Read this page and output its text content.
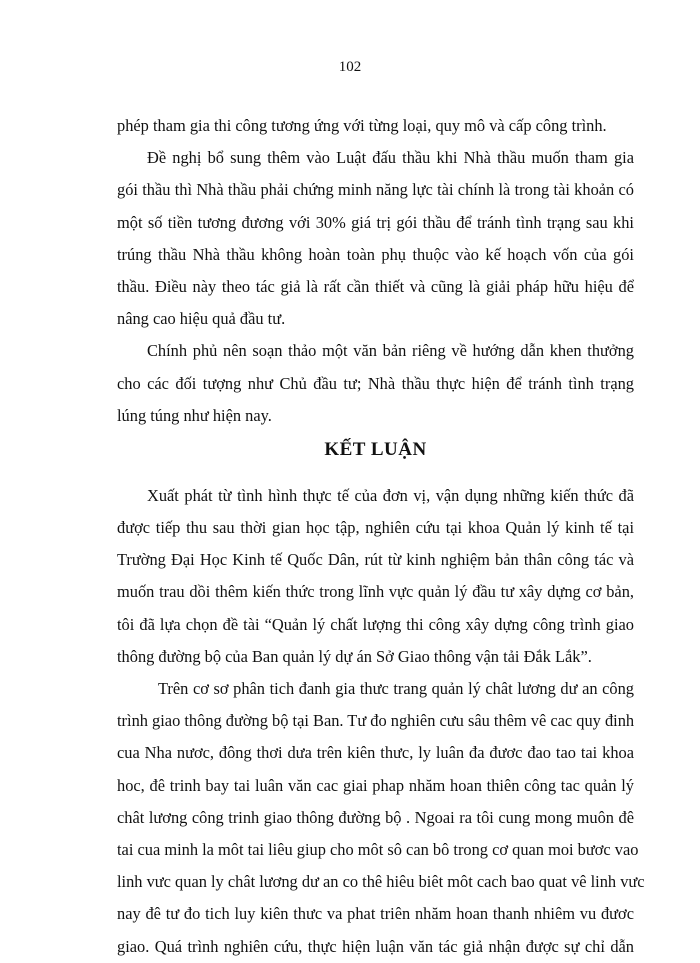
102
phép tham gia thi công tương ứng với từng loại, quy mô và cấp công trình.
Đề nghị bổ sung thêm vào Luật đấu thầu khi Nhà thầu muốn tham gia
gói thầu thì Nhà thầu phải chứng minh năng lực tài chính là trong tài khoản có
một số tiền tương đương với 30% giá trị gói thầu để tránh tình trạng sau khi
trúng thầu Nhà thầu không hoàn toàn phụ thuộc vào kế hoạch vốn của gói
thầu. Điều này theo tác giả là rất cần thiết và cũng là giải pháp hữu hiệu để
nâng cao hiệu quả đầu tư.
Chính phủ nên soạn thảo một văn bản riêng về hướng dẫn khen thưởng
cho các đối tượng như Chủ đầu tư; Nhà thầu thực hiện để tránh tình trạng
lúng túng như hiện nay.
KẾT LUẬN
Xuất phát từ tình hình thực tế của đơn vị, vận dụng những kiến thức đã
được tiếp thu sau thời gian học tập, nghiên cứu tại khoa Quản lý kinh tế tại
Trường Đại Học Kinh tế Quốc Dân, rút từ kinh nghiệm bản thân công tác và
muốn trau dồi thêm kiến thức trong lĩnh vực quản lý đầu tư xây dựng cơ bản,
tôi đã lựa chọn đề tài “Quản lý chất lượng thi công xây dựng công trình giao
thông đường bộ của Ban quản lý dự án Sở Giao thông vận tải Đắk Lắk”.
Trên cơ sơ phân tich đanh gia thưc trang quản lý chât lương dư an công
trình giao thông đường bộ tại Ban. Tư đo nghiên cưu sâu thêm vê cac quy đinh
cua Nha nươc, đông thơi dưa trên kiên thưc, ly luân đa đươc đao tao tai khoa
hoc, đê trinh bay tai luân văn cac giai phap nhăm hoan thiên công tac quản lý
chât lương công trinh giao thông đường bộ . Ngoai ra tôi cung mong muôn đê
tai cua minh la môt tai liêu giup cho môt sô can bô trong cơ quan moi bươc vao
linh vưc quan ly chât lương dư an co thê hiêu biêt môt cach bao quat vê linh vưc
nay đê tư đo tich luy kiên thưc va phat triên nhăm hoan thanh nhiêm vu đươc
giao. Quá trình nghiên cứu, thực hiện luận văn tác giả nhận được sự chỉ dẫn
